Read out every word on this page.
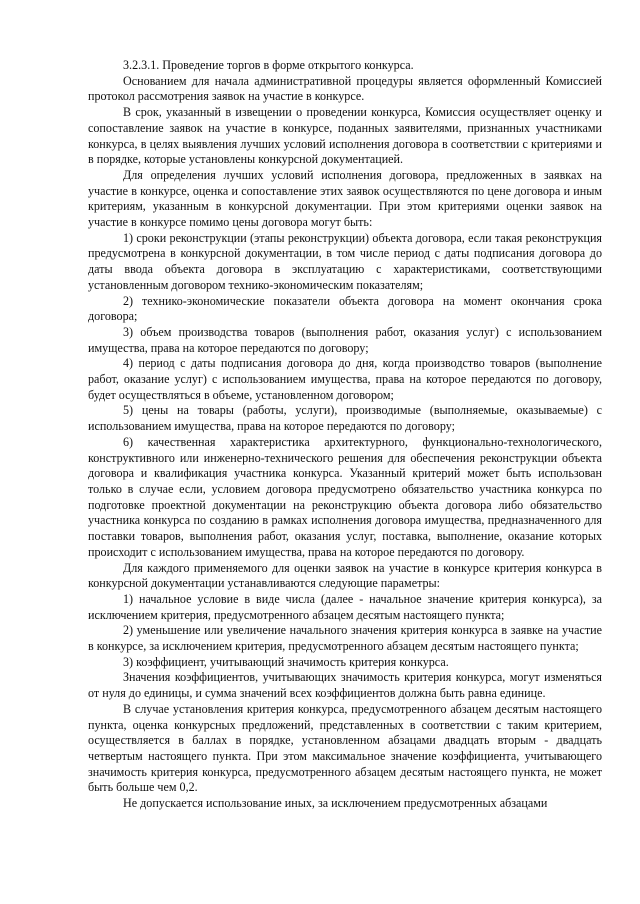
3.2.3.1. Проведение торгов в форме открытого конкурса.

Основанием для начала административной процедуры является оформленный Комиссией протокол рассмотрения заявок на участие в конкурсе.

В срок, указанный в извещении о проведении конкурса, Комиссия осуществляет оценку и сопоставление заявок на участие в конкурсе, поданных заявителями, признанных участниками конкурса, в целях выявления лучших условий исполнения договора в соответствии с критериями и в порядке, которые установлены конкурсной документацией.

Для определения лучших условий исполнения договора, предложенных в заявках на участие в конкурсе, оценка и сопоставление этих заявок осуществляются по цене договора и иным критериям, указанным в конкурсной документации. При этом критериями оценки заявок на участие в конкурсе помимо цены договора могут быть:

1) сроки реконструкции (этапы реконструкции) объекта договора, если такая реконструкция предусмотрена в конкурсной документации, в том числе период с даты подписания договора до даты ввода объекта договора в эксплуатацию с характеристиками, соответствующими установленным договором технико-экономическим показателям;

2) технико-экономические показатели объекта договора на момент окончания срока договора;

3) объем производства товаров (выполнения работ, оказания услуг) с использованием имущества, права на которое передаются по договору;

4) период с даты подписания договора до дня, когда производство товаров (выполнение работ, оказание услуг) с использованием имущества, права на которое передаются по договору, будет осуществляться в объеме, установленном договором;

5) цены на товары (работы, услуги), производимые (выполняемые, оказываемые) с использованием имущества, права на которое передаются по договору;

6) качественная характеристика архитектурного, функционально-технологического, конструктивного или инженерно-технического решения для обеспечения реконструкции объекта договора и квалификация участника конкурса. Указанный критерий может быть использован только в случае если, условием договора предусмотрено обязательство участника конкурса по подготовке проектной документации на реконструкцию объекта договора либо обязательство участника конкурса по созданию в рамках исполнения договора имущества, предназначенного для поставки товаров, выполнения работ, оказания услуг, поставка, выполнение, оказание которых происходит с использованием имущества, права на которое передаются по договору.

Для каждого применяемого для оценки заявок на участие в конкурсе критерия конкурса в конкурсной документации устанавливаются следующие параметры:

1) начальное условие в виде числа (далее - начальное значение критерия конкурса), за исключением критерия, предусмотренного абзацем десятым настоящего пункта;

2) уменьшение или увеличение начального значения критерия конкурса в заявке на участие в конкурсе, за исключением критерия, предусмотренного абзацем десятым настоящего пункта;

3) коэффициент, учитывающий значимость критерия конкурса.

Значения коэффициентов, учитывающих значимость критерия конкурса, могут изменяться от нуля до единицы, и сумма значений всех коэффициентов должна быть равна единице.

В случае установления критерия конкурса, предусмотренного абзацем десятым настоящего пункта, оценка конкурсных предложений, представленных в соответствии с таким критерием, осуществляется в баллах в порядке, установленном абзацами двадцать вторым - двадцать четвертым настоящего пункта. При этом максимальное значение коэффициента, учитывающего значимость критерия конкурса, предусмотренного абзацем десятым настоящего пункта, не может быть больше чем 0,2.

Не допускается использование иных, за исключением предусмотренных абзацами
